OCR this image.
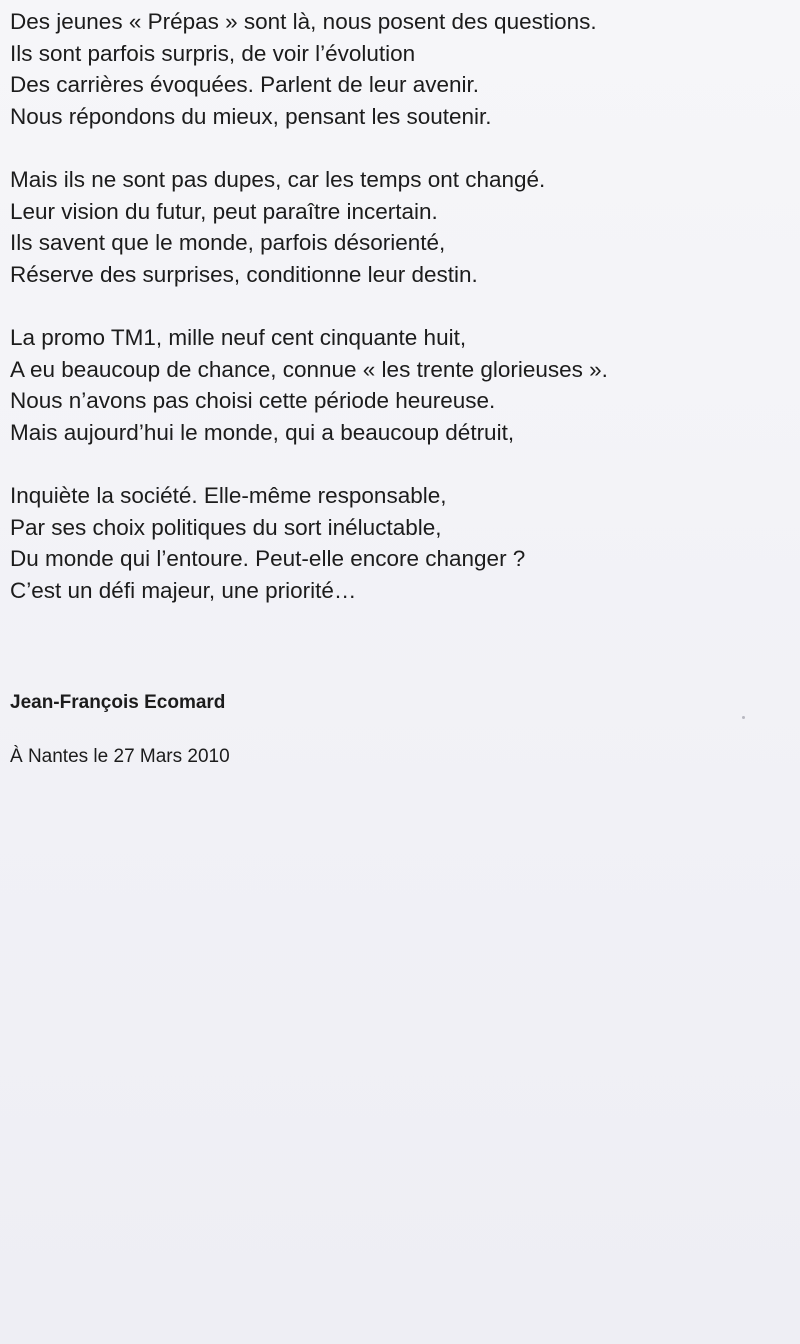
Des jeunes « Prépas » sont là, nous posent des questions.
Ils sont parfois surpris, de voir l’évolution
Des carrières évoquées. Parlent de leur avenir.
Nous répondons du mieux, pensant les soutenir.
Mais ils ne sont pas dupes, car les temps ont changé.
Leur vision du futur, peut paraître incertain.
Ils savent que le monde, parfois désorienté,
Réserve des surprises, conditionne leur destin.
La promo TM1, mille neuf cent cinquante huit,
A eu beaucoup de chance, connue « les trente glorieuses ».
Nous n’avons pas choisi cette période heureuse.
Mais aujourd’hui le monde, qui a beaucoup détruit,
Inquiète la société. Elle-même responsable,
Par ses choix politiques du sort inéluctable,
Du monde qui l’entoure. Peut-elle encore changer ?
C’est un défi majeur, une priorité…
Jean-François Ecomard
À Nantes le 27 Mars 2010
